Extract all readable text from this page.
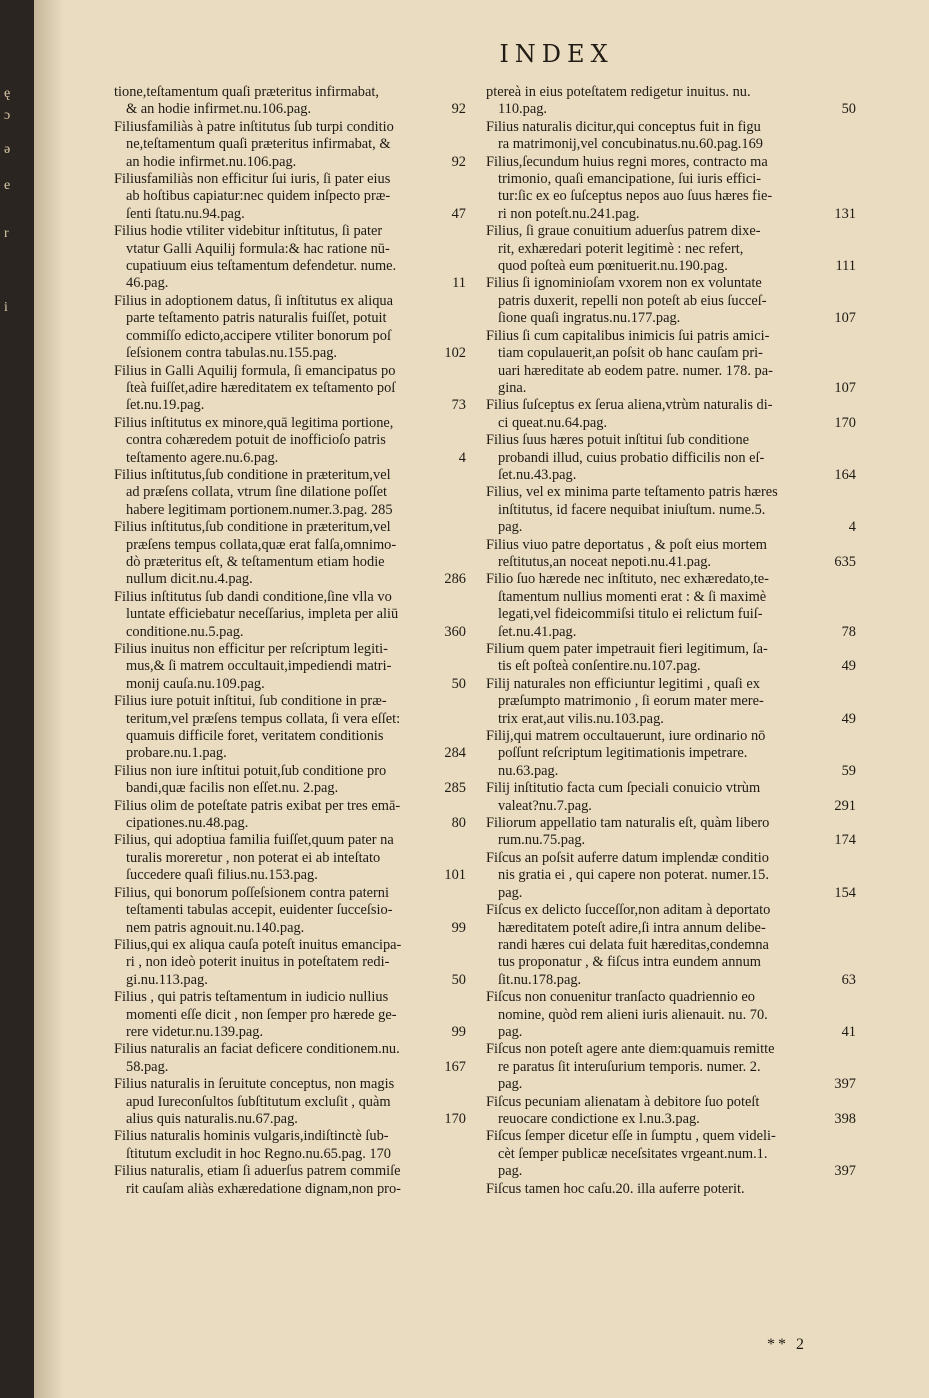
ę
ɔ
ə
e
r
i
INDEX
tione,teſtamentum quaſi præteritus infirmabat,
& an hodie infirmet.nu.106.pag.	92
Filiusfamiliàs à patre inſtitutus ſub turpi conditio
ne,teſtamentum quaſi præteritus infirmabat, &
an hodie infirmet.nu.106.pag.	92
Filiusfamiliàs non efficitur ſui iuris, ſi pater eius
ab hoſtibus capiatur:nec quidem inſpecto præ-
ſenti ſtatu.nu.94.pag.	47
Filius hodie vtiliter videbitur inſtitutus, ſi pater
vtatur Galli Aquilij formula:& hac ratione nū-
cupatiuum eius teſtamentum defendetur. nume.
46.pag.	11
Filius in adoptionem datus, ſi inſtitutus ex aliqua
parte teſtamento patris naturalis fuiſſet, potuit
commiſſo edicto,accipere vtiliter bonorum poſ
ſeſsionem contra tabulas.nu.155.pag.	102
Filius in Galli Aquilij formula, ſi emancipatus po
ſteà fuiſſet,adire hæreditatem ex teſtamento poſ
ſet.nu.19.pag.	73
Filius inſtitutus ex minore,quā legitima portione,
contra cohæredem potuit de inofficioſo patris
teſtamento agere.nu.6.pag.	4
Filius inſtitutus,ſub conditione in præteritum,vel
ad præſens collata, vtrum ſine dilatione poſſet
habere legitimam portionem.numer.3.pag. 285
Filius inſtitutus,ſub conditione in præteritum,vel
præſens tempus collata,quæ erat falſa,omnimo-
dò præteritus eſt, & teſtamentum etiam hodie
nullum dicit.nu.4.pag.	286
Filius inſtitutus ſub dandi conditione,ſine vlla vo
luntate efficiebatur neceſſarius, impleta per aliū
conditione.nu.5.pag.	360
Filius inuitus non efficitur per reſcriptum legiti-
mus,& ſi matrem occultauit,impediendi matri-
monij cauſa.nu.109.pag.	50
Filius iure potuit inſtitui, ſub conditione in præ-
teritum,vel præſens tempus collata, ſi vera eſſet:
quamuis difficile foret, veritatem conditionis
probare.nu.1.pag.	284
Filius non iure inſtitui potuit,ſub conditione pro
bandi,quæ facilis non eſſet.nu. 2.pag.	285
Filius olim de poteſtate patris exibat per tres emā-
cipationes.nu.48.pag.	80
Filius, qui adoptiua familia fuiſſet,quum pater na
turalis moreretur , non poterat ei ab inteſtato
ſuccedere quaſi filius.nu.153.pag.	101
Filius, qui bonorum poſſeſsionem contra paterni
teſtamenti tabulas accepit, euidenter ſucceſsio-
nem patris agnouit.nu.140.pag.	99
Filius,qui ex aliqua cauſa poteſt inuitus emancipa-
ri , non ideò poterit inuitus in poteſtatem redi-
gi.nu.113.pag.	50
Filius , qui patris teſtamentum in iudicio nullius
momenti eſſe dicit , non ſemper pro hærede ge-
rere videtur.nu.139.pag.	99
Filius naturalis an faciat deficere conditionem.nu.
58.pag.	167
Filius naturalis in ſeruitute conceptus, non magis
apud Iureconſultos ſubſtitutum excluſit , quàm
alius quis naturalis.nu.67.pag.	170
Filius naturalis hominis vulgaris,indiſtinctè ſub-
ſtitutum excludit in hoc Regno.nu.65.pag. 170
Filius naturalis, etiam ſi aduerſus patrem commiſe
rit cauſam aliàs exhæredatione dignam,non pro-
ptereà in eius poteſtatem redigetur inuitus. nu.
110.pag.	50
Filius naturalis dicitur,qui conceptus fuit in figu
ra matrimonij,vel concubinatus.nu.60.pag.169
Filius,ſecundum huius regni mores, contracto ma
trimonio, quaſi emancipatione, ſui iuris effici-
tur:ſic ex eo ſuſceptus nepos auo ſuus hæres fie-
ri non poteſt.nu.241.pag.	131
Filius, ſi graue conuitium aduerſus patrem dixe-
rit, exhæredari poterit legitimè : nec refert,
quod poſteà eum pœnituerit.nu.190.pag.	111
Filius ſi ignominioſam vxorem non ex voluntate
patris duxerit, repelli non poteſt ab eius ſucceſ-
ſione quaſi ingratus.nu.177.pag.	107
Filius ſi cum capitalibus inimicis ſui patris amici-
tiam copulauerit,an poſsit ob hanc cauſam pri-
uari hæreditate ab eodem patre. numer. 178. pa-
gina.	107
Filius ſuſceptus ex ſerua aliena,vtrùm naturalis di-
ci queat.nu.64.pag.	170
Filius ſuus hæres potuit inſtitui ſub conditione
probandi illud, cuius probatio difficilis non eſ-
ſet.nu.43.pag.	164
Filius, vel ex minima parte teſtamento patris hæres
inſtitutus, id facere nequibat iniuſtum. nume.5.
pag.	4
Filius viuo patre deportatus , & poſt eius mortem
reſtitutus,an noceat nepoti.nu.41.pag.	635
Filio ſuo hærede nec inſtituto, nec exhæredato,te-
ſtamentum nullius momenti erat : & ſi maximè
legati,vel fideicommiſsi titulo ei relictum fuiſ-
ſet.nu.41.pag.	78
Filium quem pater impetrauit fieri legitimum, ſa-
tis eſt poſteà conſentire.nu.107.pag.	49
Filij naturales non efficiuntur legitimi , quaſi ex
præſumpto matrimonio , ſi eorum mater mere-
trix erat,aut vilis.nu.103.pag.	49
Filij,qui matrem occultauerunt, iure ordinario nō
poſſunt reſcriptum legitimationis impetrare.
nu.63.pag.	59
Filij inſtitutio facta cum ſpeciali conuicio vtrùm
valeat?nu.7.pag.	291
Filiorum appellatio tam naturalis eſt, quàm libero
rum.nu.75.pag.	174
Fiſcus an poſsit auferre datum implendæ conditio
nis gratia ei , qui capere non poterat. numer.15.
pag.	154
Fiſcus ex delicto ſucceſſor,non aditam à deportato
hæreditatem poteſt adire,ſi intra annum delibe-
randi hæres cui delata fuit hæreditas,condemna
tus proponatur , & fiſcus intra eundem annum
ſit.nu.178.pag.	63
Fiſcus non conuenitur tranſacto quadriennio eo
nomine, quòd rem alieni iuris alienauit. nu. 70.
pag.	41
Fiſcus non poteſt agere ante diem:quamuis remitte
re paratus ſit interuſurium temporis. numer. 2.
pag.	397
Fiſcus pecuniam alienatam à debitore ſuo poteſt
reuocare condictione ex l.nu.3.pag.	398
Fiſcus ſemper dicetur eſſe in ſumptu , quem videli-
cèt ſemper publicæ neceſsitates vrgeant.num.1.
pag.	397
Fiſcus tamen hoc caſu.20. illa auferre poterit.
** 2
